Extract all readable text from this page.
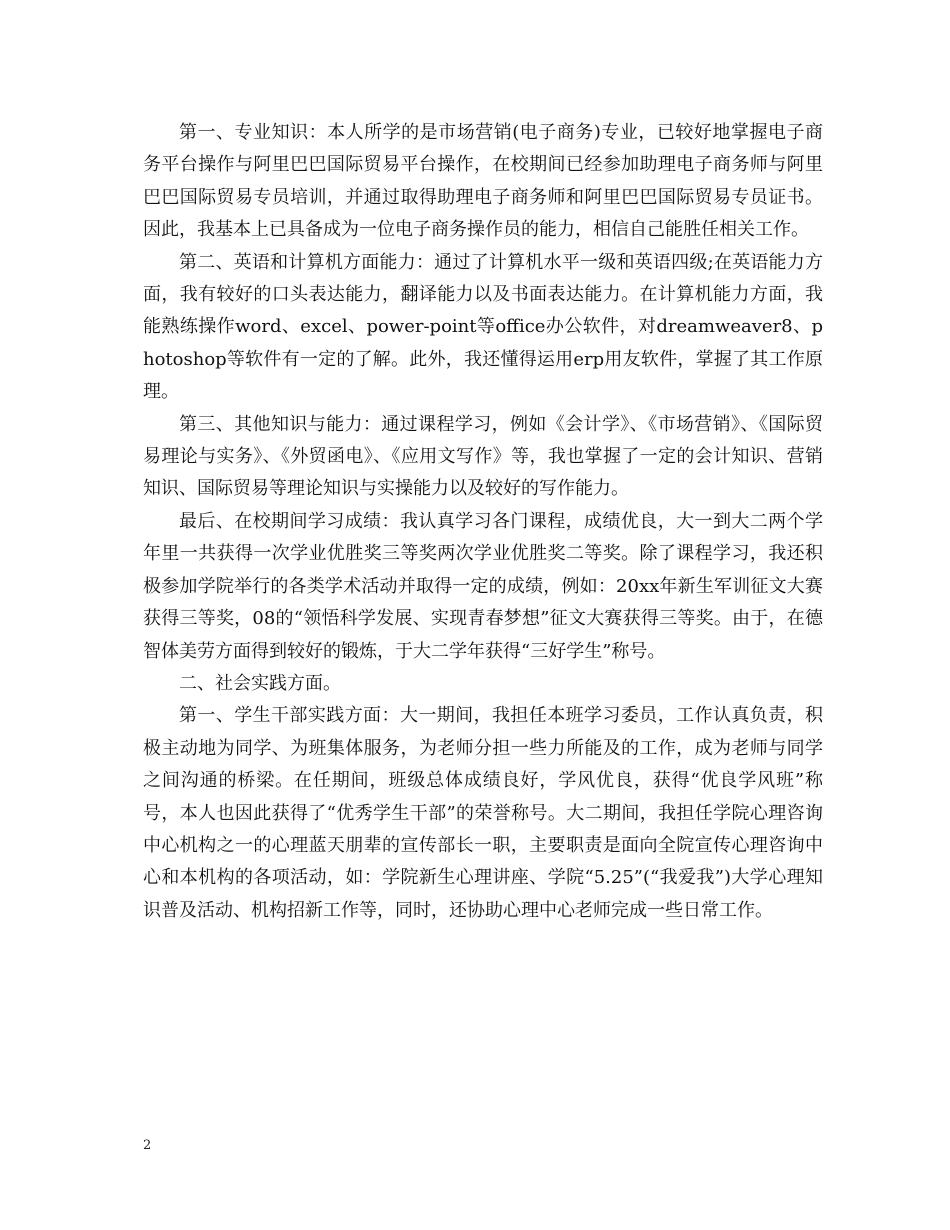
第一、专业知识：本人所学的是市场营销(电子商务)专业，已较好地掌握电子商务平台操作与阿里巴巴国际贸易平台操作，在校期间已经参加助理电子商务师与阿里巴巴国际贸易专员培训，并通过取得助理电子商务师和阿里巴巴国际贸易专员证书。因此，我基本上已具备成为一位电子商务操作员的能力，相信自己能胜任相关工作。

第二、英语和计算机方面能力：通过了计算机水平一级和英语四级;在英语能力方面，我有较好的口头表达能力，翻译能力以及书面表达能力。在计算机能力方面，我能熟练操作word、excel、power-point等office办公软件，对dreamweaver8、photoshop等软件有一定的了解。此外，我还懂得运用erp用友软件，掌握了其工作原理。

第三、其他知识与能力：通过课程学习，例如《会计学》、《市场营销》、《国际贸易理论与实务》、《外贸函电》、《应用文写作》等，我也掌握了一定的会计知识、营销知识、国际贸易等理论知识与实操能力以及较好的写作能力。

最后、在校期间学习成绩：我认真学习各门课程，成绩优良，大一到大二两个学年里一共获得一次学业优胜奖三等奖两次学业优胜奖二等奖。除了课程学习，我还积极参加学院举行的各类学术活动并取得一定的成绩，例如：20xx年新生军训征文大赛获得三等奖，08的“领悟科学发展、实现青春梦想”征文大赛获得三等奖。由于，在德智体美劳方面得到较好的锻炼，于大二学年获得“三好学生”称号。

二、社会实践方面。

第一、学生干部实践方面：大一期间，我担任本班学习委员，工作认真负责，积极主动地为同学、为班集体服务，为老师分担一些力所能及的工作，成为老师与同学之间沟通的桥梁。在任期间，班级总体成绩良好，学风优良，获得“优良学风班”称号，本人也因此获得了“优秀学生干部”的荣誉称号。大二期间，我担任学院心理咨询中心机构之一的心理蓝天朋辈的宣传部长一职，主要职责是面向全院宣传心理咨询中心和本机构的各项活动，如：学院新生心理讲座、学院“5.25”(“我爱我”)大学心理知识普及活动、机构招新工作等，同时，还协助心理中心老师完成一些日常工作。

2
